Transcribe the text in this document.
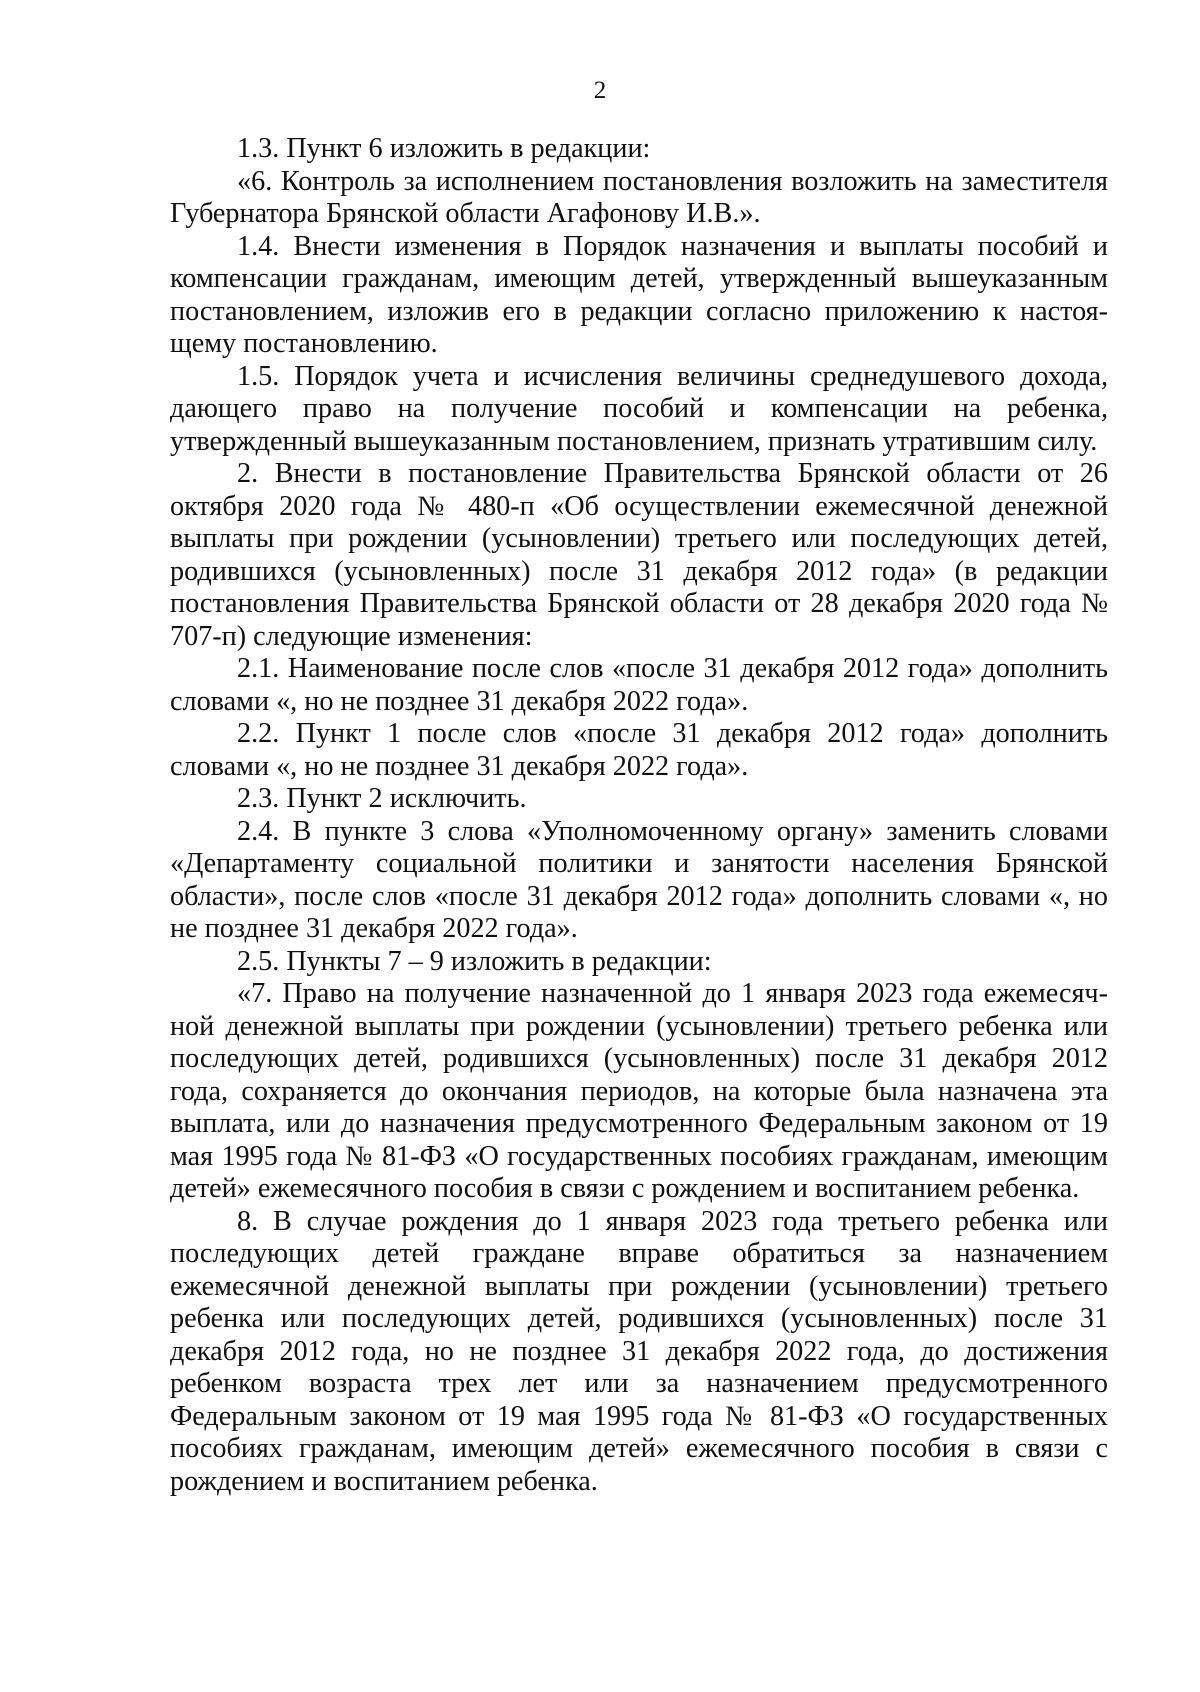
2

1.3. Пункт 6 изложить в редакции:

«6. Контроль за исполнением постановления возложить на заместителя Губернатора Брянской области Агафонову И.В.».

1.4. Внести изменения в Порядок назначения и выплаты пособий и компенсации гражданам, имеющим детей, утвержденный вышеуказанным постановлением, изложив его в редакции согласно приложению к настоящему постановлению.

1.5. Порядок учета и исчисления величины среднедушевого дохода, дающего право на получение пособий и компенсации на ребенка, утвержденный вышеуказанным постановлением, признать утратившим силу.

2. Внести в постановление Правительства Брянской области от 26 октября 2020 года № 480-п «Об осуществлении ежемесячной денежной выплаты при рождении (усыновлении) третьего или последующих детей, родившихся (усыновленных) после 31 декабря 2012 года» (в редакции постановления Правительства Брянской области от 28 декабря 2020 года № 707-п) следующие изменения:

2.1. Наименование после слов «после 31 декабря 2012 года» дополнить словами «, но не позднее 31 декабря 2022 года».

2.2. Пункт 1 после слов «после 31 декабря 2012 года» дополнить словами «, но не позднее 31 декабря 2022 года».

2.3. Пункт 2 исключить.

2.4. В пункте 3 слова «Уполномоченному органу» заменить словами «Департаменту социальной политики и занятости населения Брянской области», после слов «после 31 декабря 2012 года» дополнить словами «, но не позднее 31 декабря 2022 года».

2.5. Пункты 7 – 9 изложить в редакции:

«7. Право на получение назначенной до 1 января 2023 года ежемесячной денежной выплаты при рождении (усыновлении) третьего ребенка или последующих детей, родившихся (усыновленных) после 31 декабря 2012 года, сохраняется до окончания периодов, на которые была назначена эта выплата, или до назначения предусмотренного Федеральным законом от 19 мая 1995 года № 81-ФЗ «О государственных пособиях гражданам, имеющим детей» ежемесячного пособия в связи с рождением и воспитанием ребенка.

8. В случае рождения до 1 января 2023 года третьего ребенка или последующих детей граждане вправе обратиться за назначением ежемесячной денежной выплаты при рождении (усыновлении) третьего ребенка или последующих детей, родившихся (усыновленных) после 31 декабря 2012 года, но не позднее 31 декабря 2022 года, до достижения ребенком возраста трех лет или за назначением предусмотренного Федеральным законом от 19 мая 1995 года № 81-ФЗ «О государственных пособиях гражданам, имеющим детей» ежемесячного пособия в связи с рождением и воспитанием ребенка.
